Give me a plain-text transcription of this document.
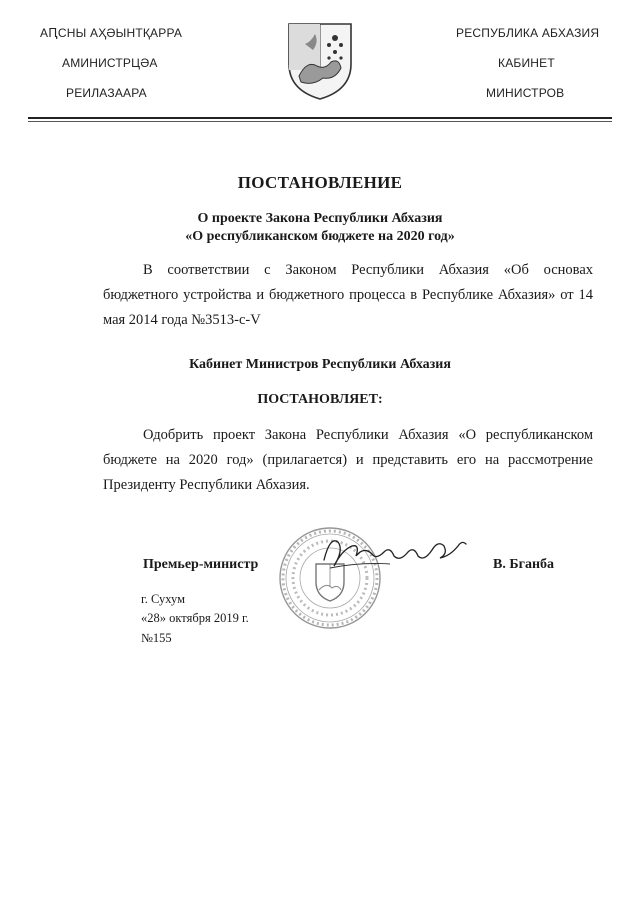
АԤСНЫ АҲӘЫНТҚАРРА
АМИНИСТРЦӘА
РЕИЛАЗААРА
РЕСПУБЛИКА АБХАЗИЯ
КАБИНЕТ
МИНИСТРОВ
ПОСТАНОВЛЕНИЕ
О проекте Закона Республики Абхазия
«О республиканском бюджете на 2020 год»

В соответствии с Законом Республики Абхазия «Об основах бюджетного устройства и бюджетного процесса в Республике Абхазия» от 14 мая 2014 года №3513-с-V

Кабинет Министров Республики Абхазия
ПОСТАНОВЛЯЕТ:

Одобрить проект Закона Республики Абхазия «О республиканском бюджете на 2020 год» (прилагается) и представить его на рассмотрение Президенту Республики Абхазия.

Премьер-министр	В. Бганба
г. Сухум
«28» октября 2019 г.
№155
